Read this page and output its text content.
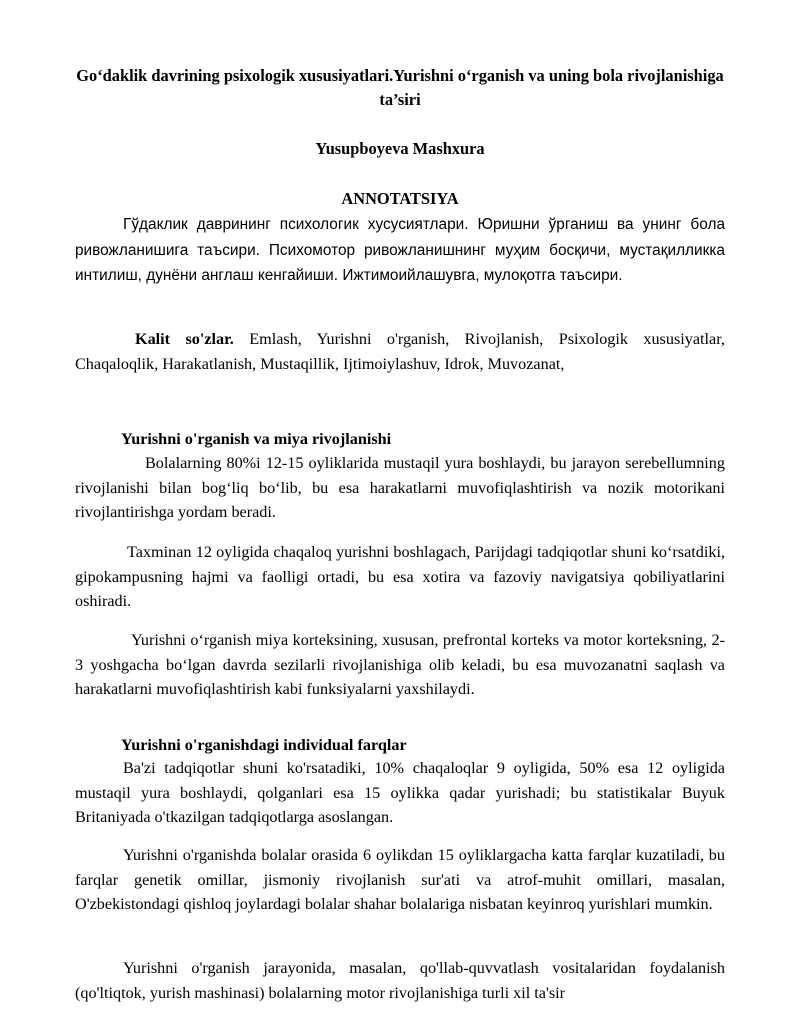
Go‘daklik davrining psixologik xususiyatlari.Yurishni o‘rganish va uning bola rivojlanishiga ta’siri
Yusupboyeva Mashxura
ANNOTATSIYA
Гўдаклик даврининг психологик хусусиятлари. Юришни ўрганиш ва унинг бола ривожланишига таъсири. Психомотор ривожланишнинг муҳим босқичи, мустақилликка интилиш, дунёни англаш кенгайиши. Ижтимоийлашувга, мулоқотга таъсири.
Kalit so'zlar. Emlash, Yurishni o'rganish, Rivojlanish, Psixologik xususiyatlar, Chaqaloqlik, Harakatlanish, Mustaqillik, Ijtimoiylashuv, Idrok, Muvozanat,
Yurishni o'rganish va miya rivojlanishi
Bolalarning 80%i 12-15 oyliklarida mustaqil yura boshlaydi, bu jarayon serebellumning rivojlanishi bilan bog‘liq bo‘lib, bu esa harakatlarni muvofiqlashtirish va nozik motorikani rivojlantirishga yordam beradi.
Taxminan 12 oyligida chaqaloq yurishni boshlagach, Parijdagi tadqiqotlar shuni ko‘rsatdiki, gipokampusning hajmi va faolligi ortadi, bu esa xotira va fazoviy navigatsiya qobiliyatlarini oshiradi.
Yurishni o‘rganish miya korteksining, xususan, prefrontal korteks va motor korteksning, 2-3 yoshgacha bo‘lgan davrda sezilarli rivojlanishiga olib keladi, bu esa muvozanatni saqlash va harakatlarni muvofiqlashtirish kabi funksiyalarni yaxshilaydi.
Yurishni o'rganishdagi individual farqlar
Ba'zi tadqiqotlar shuni ko'rsatadiki, 10% chaqaloqlar 9 oyligida, 50% esa 12 oyligida mustaqil yura boshlaydi, qolganlari esa 15 oylikka qadar yurishadi; bu statistikalar Buyuk Britaniyada o'tkazilgan tadqiqotlarga asoslangan.
Yurishni o'rganishda bolalar orasida 6 oylikdan 15 oyliklargacha katta farqlar kuzatiladi, bu farqlar genetik omillar, jismoniy rivojlanish sur'ati va atrof-muhit omillari, masalan, O'zbekistondagi qishloq joylardagi bolalar shahar bolalariga nisbatan keyinroq yurishlari mumkin.
Yurishni o'rganish jarayonida, masalan, qo'llab-quvvatlash vositalaridan foydalanish (qo'ltiqtok, yurish mashinasi) bolalarning motor rivojlanishiga turli xil ta'sir
